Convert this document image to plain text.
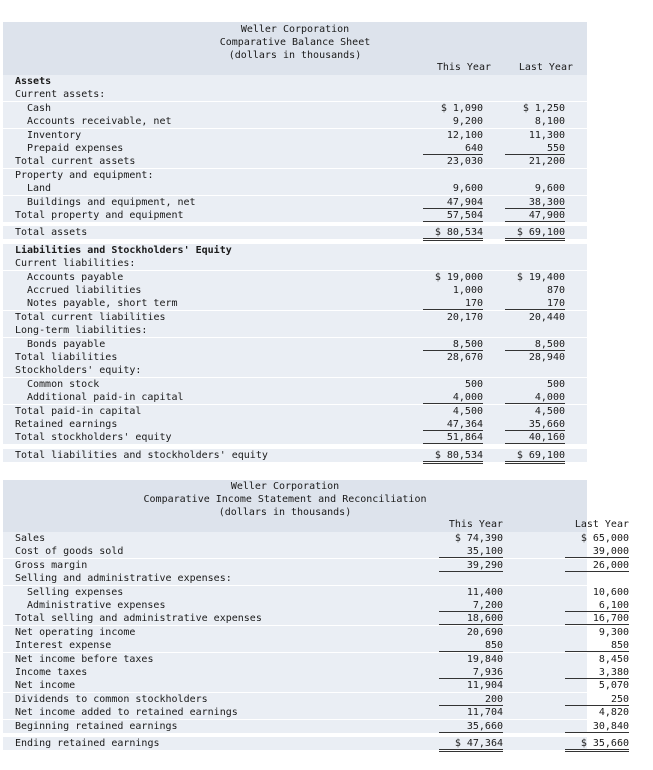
Weller Corporation
Comparative Balance Sheet
(dollars in thousands)
This Year	Last Year
Assets
Current assets:
Cash	$ 1,090	$ 1,250
Accounts receivable, net	9,200	8,100
Inventory	12,100	11,300
Prepaid expenses	640	550
Total current assets	23,030	21,200
Property and equipment:
Land	9,600	9,600
Buildings and equipment, net	47,904	38,300
Total property and equipment	57,504	47,900
Total assets	$ 80,534	$ 69,100
Liabilities and Stockholders' Equity
Current liabilities:
Accounts payable	$ 19,000	$ 19,400
Accrued liabilities	1,000	870
Notes payable, short term	170	170
Total current liabilities	20,170	20,440
Long-term liabilities:
Bonds payable	8,500	8,500
Total liabilities	28,670	28,940
Stockholders' equity:
Common stock	500	500
Additional paid-in capital	4,000	4,000
Total paid-in capital	4,500	4,500
Retained earnings	47,364	35,660
Total stockholders' equity	51,864	40,160
Total liabilities and stockholders' equity	$ 80,534	$ 69,100
Weller Corporation
Comparative Income Statement and Reconciliation
(dollars in thousands)
This Year	Last Year
Sales	$ 74,390	$ 65,000
Cost of goods sold	35,100	39,000
Gross margin	39,290	26,000
Selling and administrative expenses:
Selling expenses	11,400	10,600
Administrative expenses	7,200	6,100
Total selling and administrative expenses	18,600	16,700
Net operating income	20,690	9,300
Interest expense	850	850
Net income before taxes	19,840	8,450
Income taxes	7,936	3,380
Net income	11,904	5,070
Dividends to common stockholders	200	250
Net income added to retained earnings	11,704	4,820
Beginning retained earnings	35,660	30,840
Ending retained earnings	$ 47,364	$ 35,660
